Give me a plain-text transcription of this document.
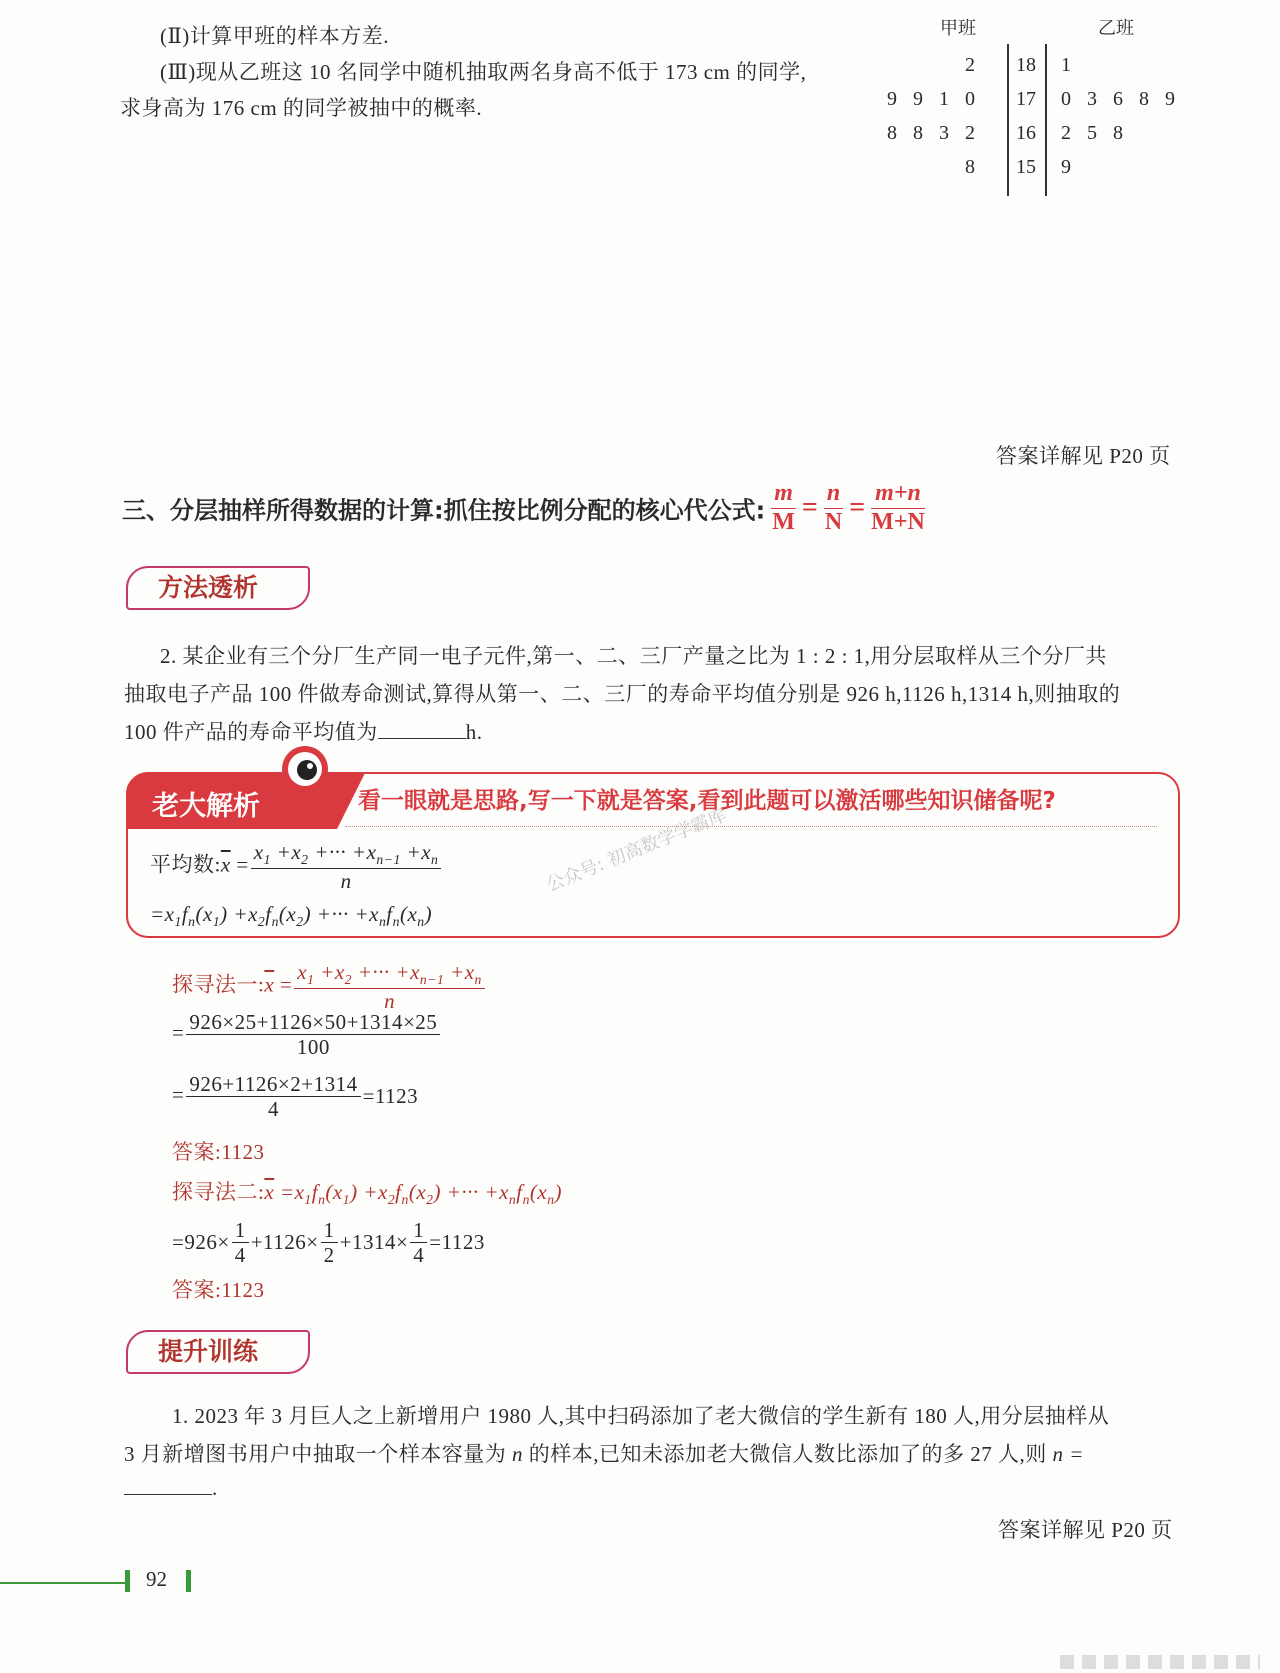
(Ⅱ)计算甲班的样本方差.
(Ⅲ)现从乙班这 10 名同学中随机抽取两名身高不低于 173 cm 的同学,
求身高为 176 cm 的同学被抽中的概率.
甲班	乙班
2	18	1
9 9 1 0	17	0 3 6 8 9
8 8 3 2	16	2 5 8
8	15	9
答案详解见 P20 页
三、分层抽样所得数据的计算:抓住按比例分配的核心代公式: $\frac{m}{M} = \frac{n}{N} = \frac{m+n}{M+N}$
方法透析
2. 某企业有三个分厂生产同一电子元件,第一、二、三厂产量之比为 1 : 2 : 1,用分层取样从三个分厂共
抽取电子产品 100 件做寿命测试,算得从第一、二、三厂的寿命平均值分别是 926 h,1126 h,1314 h,则抽取的
100 件产品的寿命平均值为	h.
老大解析	看一眼就是思路,写一下就是答案,看到此题可以激活哪些知识储备呢?
平均数$:\overline{x} = \frac{x_1 +x_2 +\cdot\cdot\cdot +x_{n-1} +x_n}{n}$
$=x_1f_n(x_1) +x_2f_n(x_2)$ +··· $+x_nf_n(x_n)$
公众号: 初高数学学霸库
探寻法一$:\overline{x} = \frac{x_1 +x_2 +\cdot\cdot\cdot +x_{n-1} +x_n}{n}$
= $\frac{926\times 25+1126\times 50+1314\times 25}{100}$
= $\frac{926+1126\times 2+1314}{4} =1123$
答案:1123
探寻法二$:\overline{x} =x_1f_n(x_1) +x_2f_n(x_2)$ +··· $+x_nf_n(x_n)$
$=926\times \frac{1}{4} +1126\times \frac{1}{2} +1314\times \frac{1}{4} =1123$
答案:1123
提升训练
1. 2023 年 3 月巨人之上新增用户 1980 人,其中扫码添加了老大微信的学生新有 180 人,用分层抽样从
3 月新增图书用户中抽取一个样本容量为 n 的样本,已知未添加老大微信人数比添加了的多 27 人,则 n =
.
答案详解见 P20 页
92
